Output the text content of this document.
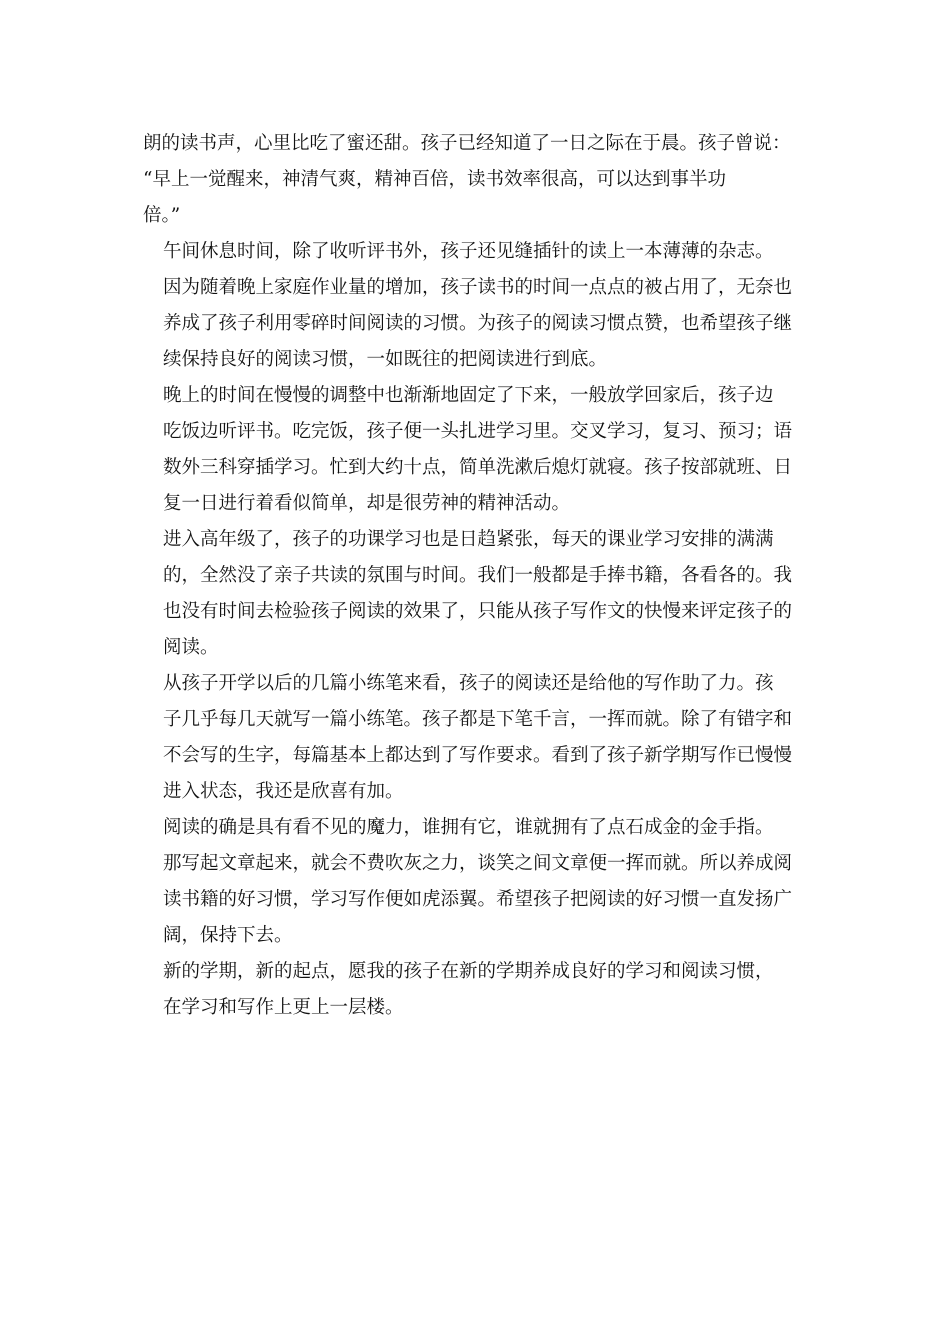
朗的读书声，心里比吃了蜜还甜。孩子已经知道了一日之际在于晨。孩子曾说：
“早上一觉醒来，神清气爽，精神百倍，读书效率很高，可以达到事半功
倍。”

午间休息时间，除了收听评书外，孩子还见缝插针的读上一本薄薄的杂志。
因为随着晚上家庭作业量的增加，孩子读书的时间一点点的被占用了，无奈也
养成了孩子利用零碎时间阅读的习惯。为孩子的阅读习惯点赞，也希望孩子继
续保持良好的阅读习惯，一如既往的把阅读进行到底。

晚上的时间在慢慢的调整中也渐渐地固定了下来，一般放学回家后，孩子边
吃饭边听评书。吃完饭，孩子便一头扎进学习里。交叉学习，复习、预习；语
数外三科穿插学习。忙到大约十点，简单洗漱后熄灯就寝。孩子按部就班、日
复一日进行着看似简单，却是很劳神的精神活动。

进入高年级了，孩子的功课学习也是日趋紧张，每天的课业学习安排的满满
的，全然没了亲子共读的氛围与时间。我们一般都是手捧书籍，各看各的。我
也没有时间去检验孩子阅读的效果了，只能从孩子写作文的快慢来评定孩子的
阅读。

从孩子开学以后的几篇小练笔来看，孩子的阅读还是给他的写作助了力。孩
子几乎每几天就写一篇小练笔。孩子都是下笔千言，一挥而就。除了有错字和
不会写的生字，每篇基本上都达到了写作要求。看到了孩子新学期写作已慢慢
进入状态，我还是欣喜有加。

阅读的确是具有看不见的魔力，谁拥有它，谁就拥有了点石成金的金手指。
那写起文章起来，就会不费吹灰之力，谈笑之间文章便一挥而就。所以养成阅
读书籍的好习惯，学习写作便如虎添翼。希望孩子把阅读的好习惯一直发扬广
阔，保持下去。

新的学期，新的起点，愿我的孩子在新的学期养成良好的学习和阅读习惯，
在学习和写作上更上一层楼。
